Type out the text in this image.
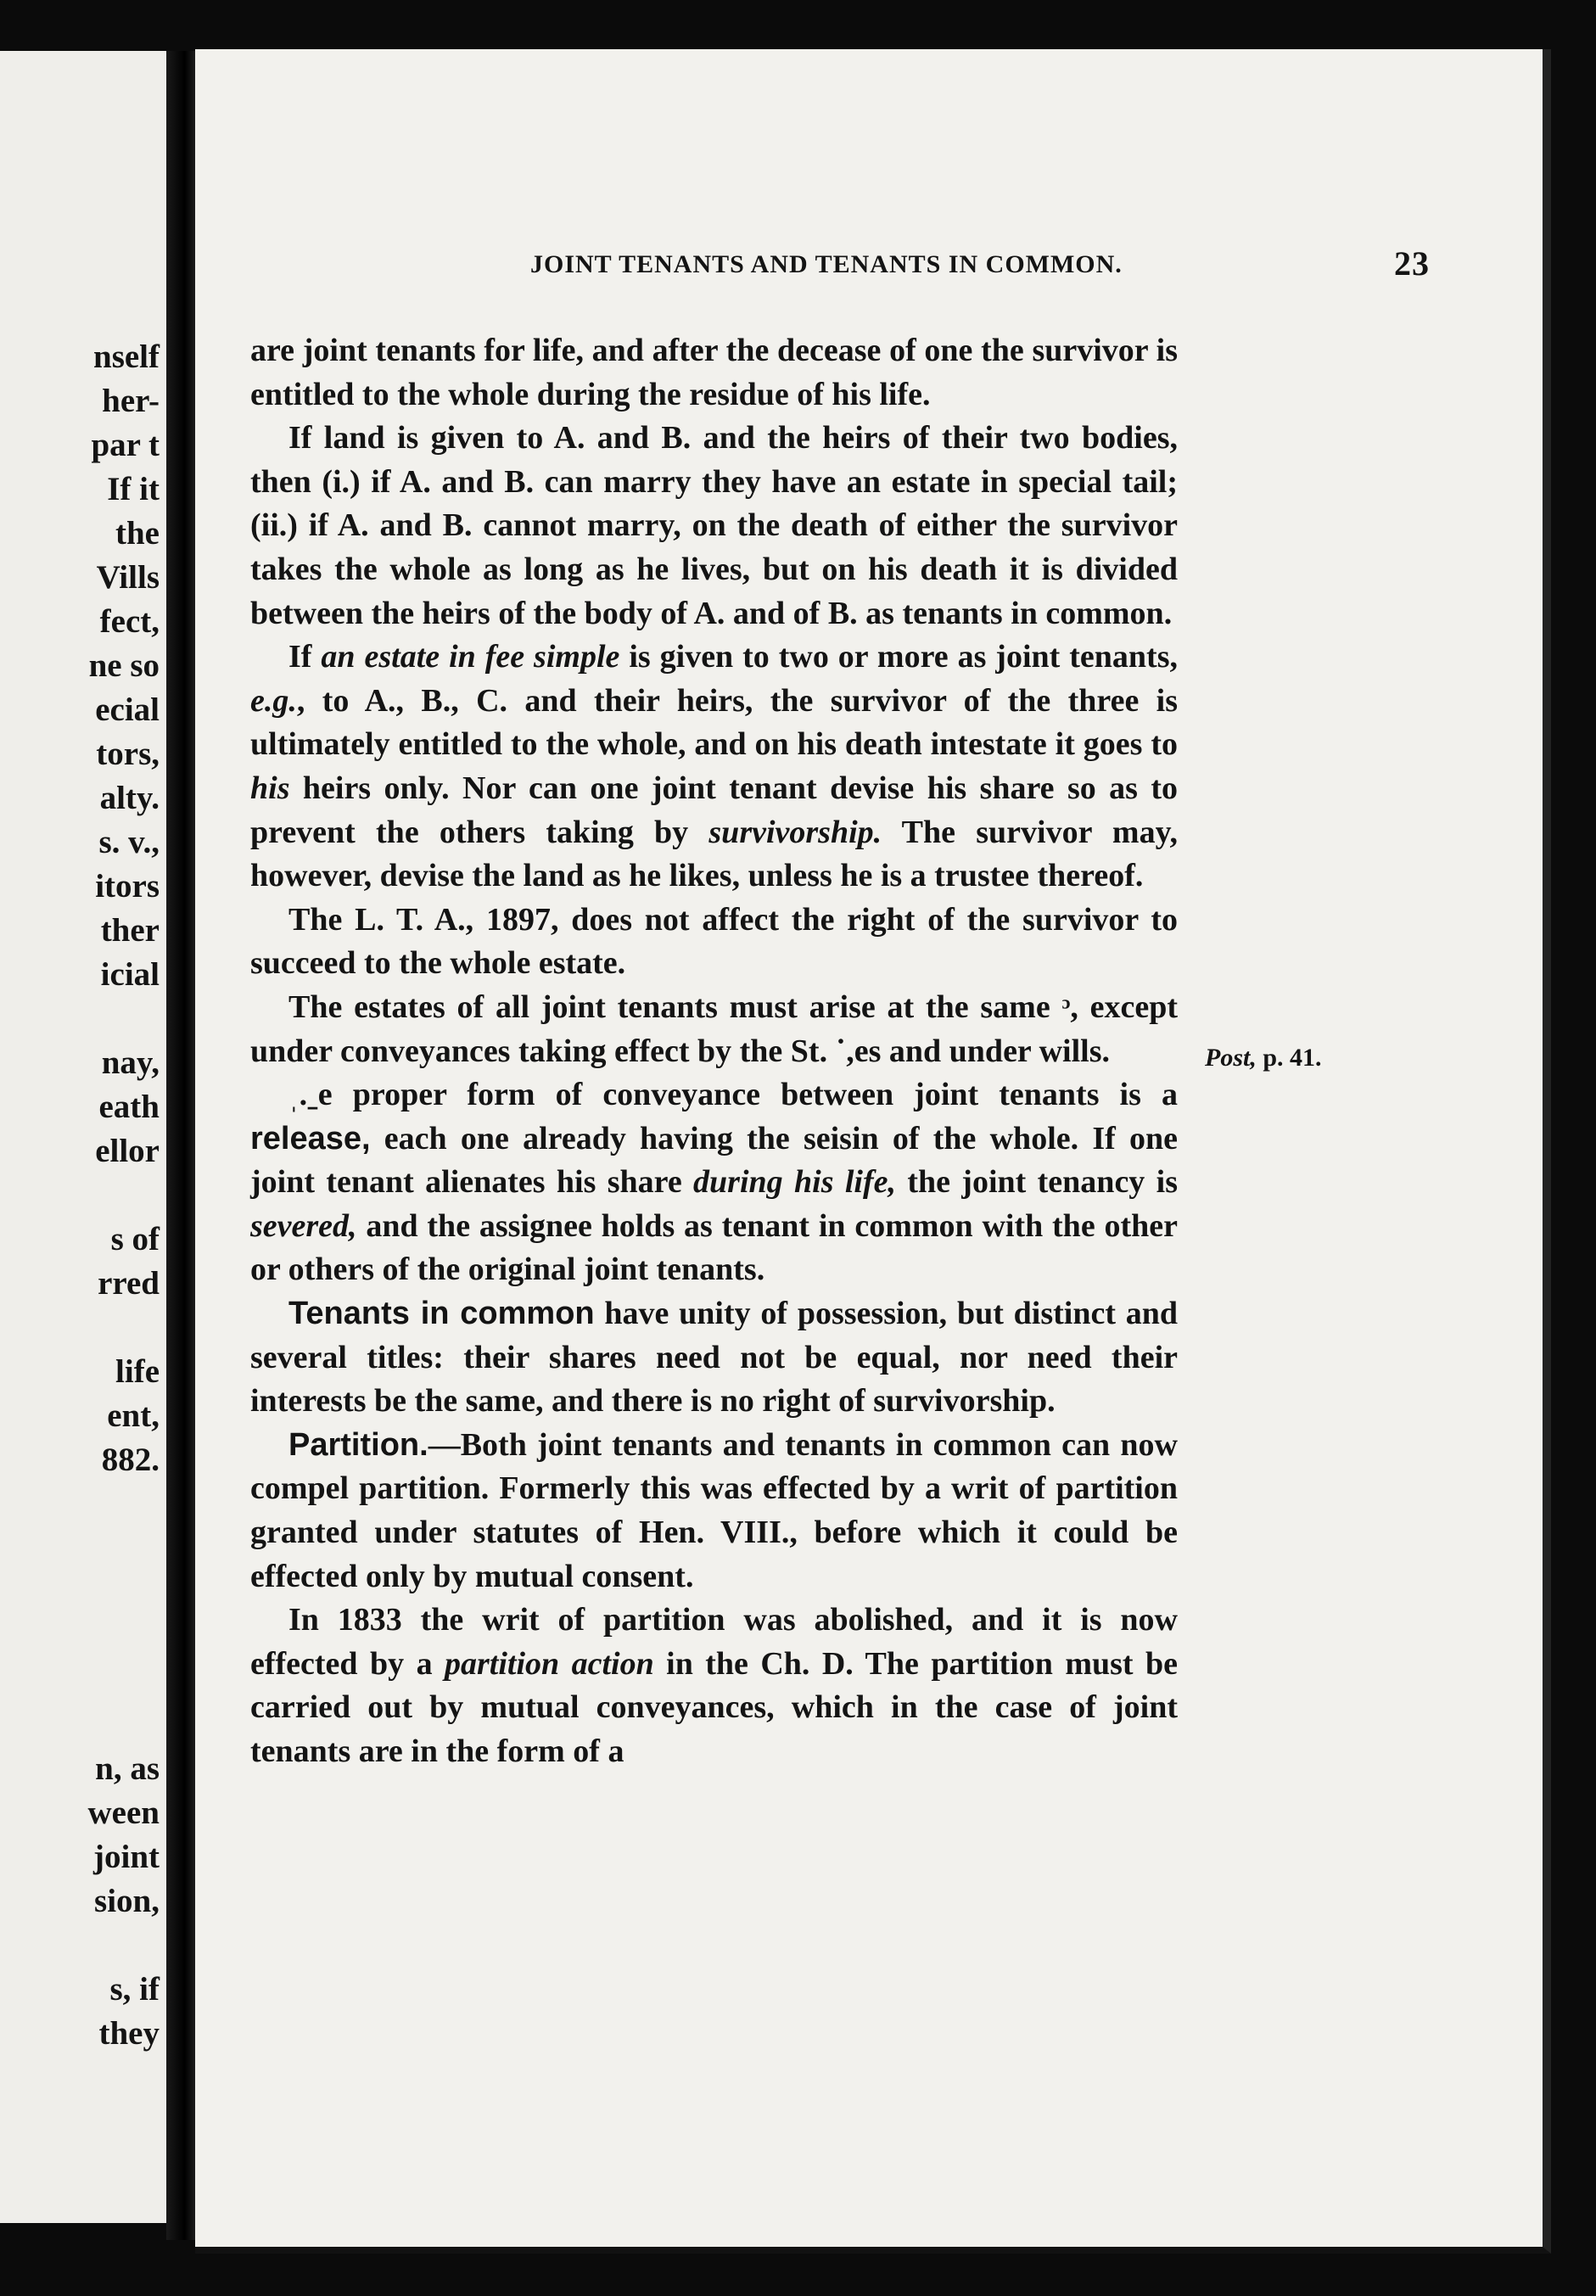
nself
her-
par t
If it
the
Vills
fect,
ne so
ecial
tors,
alty.
s. v.,
itors
ther
icial
nay,
eath
ellor
s of
rred
life
ent,
882.
n, as
ween
joint
sion,
s, if
they
JOINT TENANTS AND TENANTS IN COMMON.	23

are joint tenants for life, and after the decease of one the survivor is entitled to the whole during the residue of his life.

If land is given to A. and B. and the heirs of their two bodies, then (i.) if A. and B. can marry they have an estate in special tail; (ii.) if A. and B. cannot marry, on the death of either the survivor takes the whole as long as he lives, but on his death it is divided between the heirs of the body of A. and of B. as tenants in common.

If an estate in fee simple is given to two or more as joint tenants, e.g., to A., B., C. and their heirs, the survivor of the three is ultimately entitled to the whole, and on his death intestate it goes to his heirs only. Nor can one joint tenant devise his share so as to prevent the others taking by survivorship. The survivor may, however, devise the land as he likes, unless he is a trustee thereof.

The L. T. A., 1897, does not affect the right of the survivor to succeed to the whole estate.

The estates of all joint tenants must arise at the same ᵓ, except under conveyances taking effect by the St. ˙,es and under wills.

ˌ.ˍe proper form of conveyance between joint tenants is a release, each one already having the seisin of the whole. If one joint tenant alienates his share during his life, the joint tenancy is severed, and the assignee holds as tenant in common with the other or others of the original joint tenants.

Tenants in common have unity of possession, but distinct and several titles: their shares need not be equal, nor need their interests be the same, and there is no right of survivorship.

Partition.—Both joint tenants and tenants in common can now compel partition. Formerly this was effected by a writ of partition granted under statutes of Hen. VIII., before which it could be effected only by mutual consent.

In 1833 the writ of partition was abolished, and it is now effected by a partition action in the Ch. D. The partition must be carried out by mutual conveyances, which in the case of joint tenants are in the form of a

Post, p. 41.
